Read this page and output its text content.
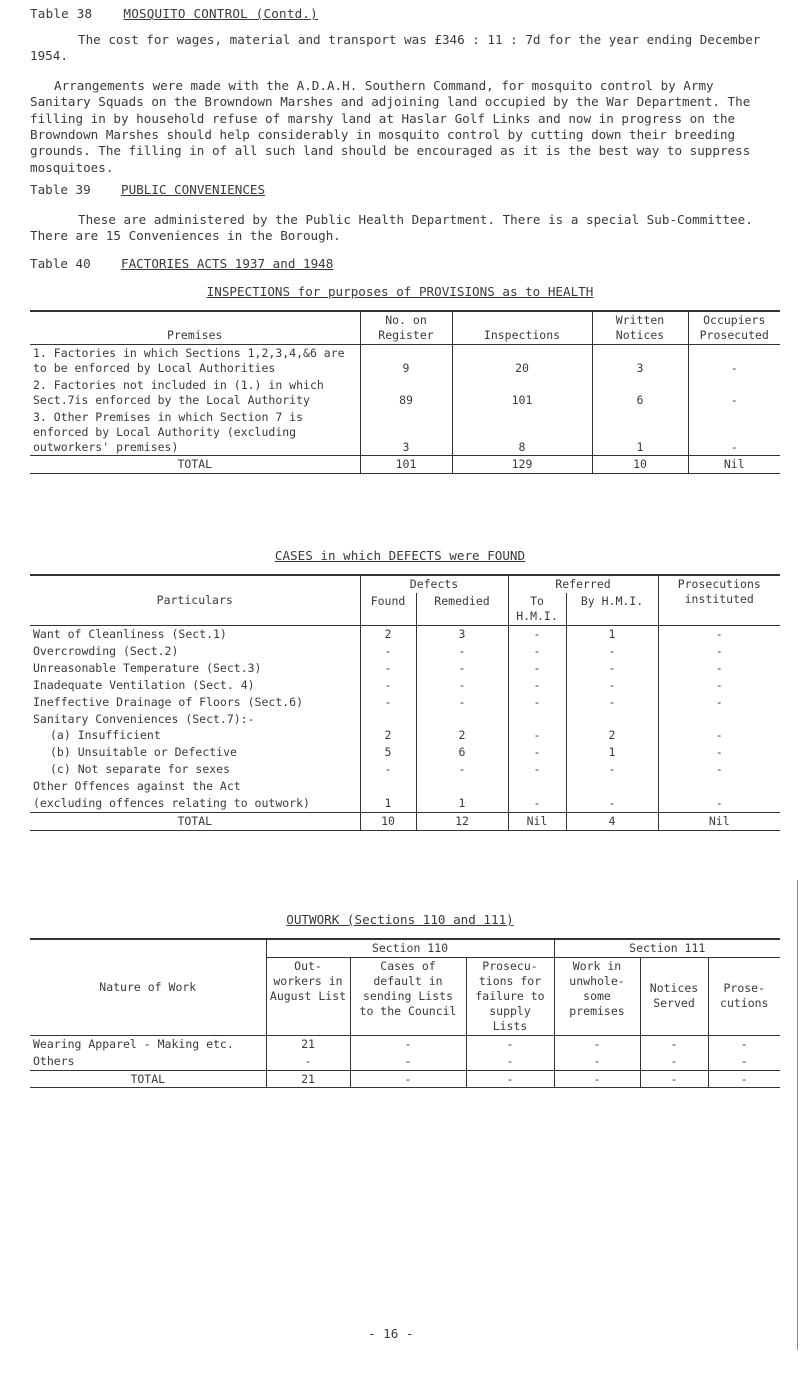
Table 38 MOSQUITO CONTROL (Contd.)

The cost for wages, material and transport was £346 : 11 : 7d for the year ending December 1954.

Arrangements were made with the A.D.A.H. Southern Command, for mosquito control by Army Sanitary Squads on the Browndown Marshes and adjoining land occupied by the War Department. The filling in by household refuse of marshy land at Haslar Golf Links and now in progress on the Browndown Marshes should help considerably in mosquito control by cutting down their breeding grounds. The filling in of all such land should be encouraged as it is the best way to suppress mosquitoes.

Table 39 PUBLIC CONVENIENCES

These are administered by the Public Health Department. There is a special Sub-Committee. There are 15 Conveniences in the Borough.

Table 40 FACTORIES ACTS 1937 and 1948
INSPECTIONS for purposes of PROVISIONS as to HEALTH
Premises	No. on Register	Inspections	Written Notices	Occupiers Prosecuted
1. Factories in which Sections 1,2,3,4,&6 are to be enforced by Local Authorities	9	20	3	-
2. Factories not included in (1.) in which Sect.7is enforced by the Local Authority	89	101	6	-
3. Other Premises in which Section 7 is enforced by Local Authority (excluding outworkers' premises)	3	8	1	-
TOTAL	101	129	10	Nil
CASES in which DEFECTS were FOUND
Particulars	Defects		Referred		Prosecutions instituted
	Found	Remedied	To H.M.I.	By H.M.I.	
Want of Cleanliness (Sect.1)	2	3	-	1	-
Overcrowding (Sect.2)	-	-	-	-	-
Unreasonable Temperature (Sect.3)	-	-	-	-	-
Inadequate Ventilation (Sect. 4)	-	-	-	-	-
Ineffective Drainage of Floors (Sect.6)	-	-	-	-	-
Sanitary Conveniences (Sect.7):-					
(a) Insufficient	2	2	-	2	-
(b) Unsuitable or Defective	5	6	-	1	-
(c) Not separate for sexes	-	-	-	-	-
Other Offences against the Act					
(excluding offences relating to outwork)	1	1	-	-	-
TOTAL	10	12	Nil	4	Nil
OUTWORK (Sections 110 and 111)
Nature of Work	Section 110			Section 111		
	Out- workers in August List	Cases of default in sending Lists to the Council	Prosecu- tions for failure to supply Lists	Work in unwhole- some premises	Notices Served	Prose- cutions
Wearing Apparel - Making etc.	21	-	-	-	-	-
Others	-	-	-	-	-	-
TOTAL	21	-	-	-	-	-
- 16 -
